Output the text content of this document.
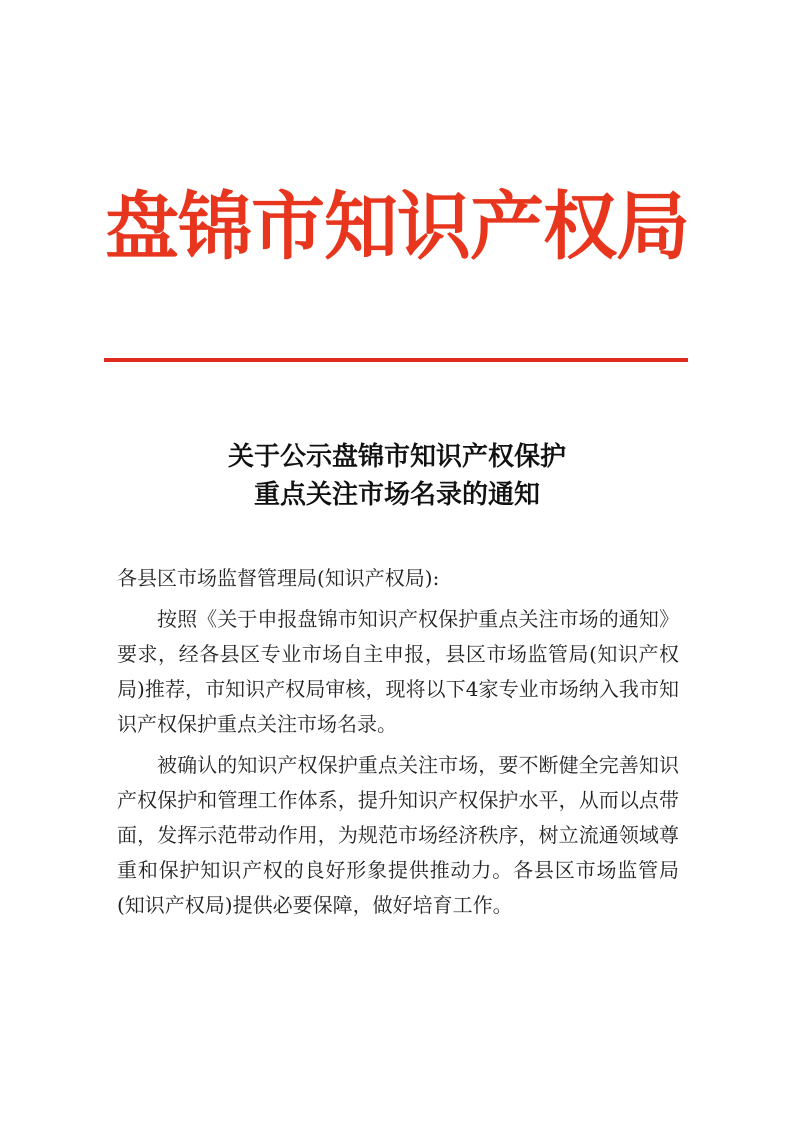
盘锦市知识产权局
关于公示盘锦市知识产权保护
重点关注市场名录的通知

各县区市场监督管理局(知识产权局):

按照《关于申报盘锦市知识产权保护重点关注市场的通知》要求，经各县区专业市场自主申报，县区市场监管局(知识产权局)推荐，市知识产权局审核，现将以下4家专业市场纳入我市知识产权保护重点关注市场名录。

被确认的知识产权保护重点关注市场，要不断健全完善知识产权保护和管理工作体系，提升知识产权保护水平，从而以点带面，发挥示范带动作用，为规范市场经济秩序，树立流通领域尊重和保护知识产权的良好形象提供推动力。各县区市场监管局(知识产权局)提供必要保障，做好培育工作。
